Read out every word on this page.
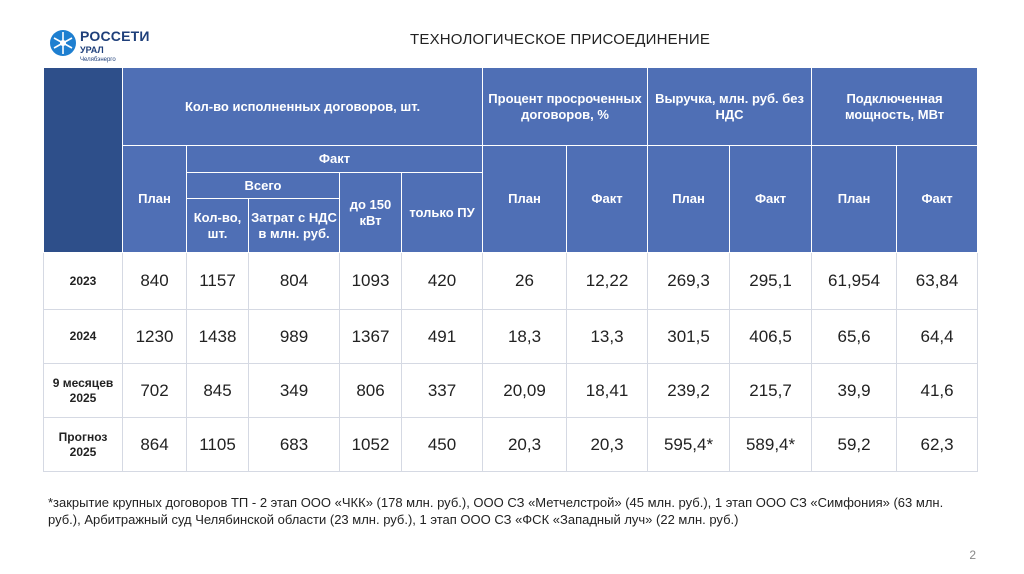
РОССЕТИ
УРАЛ
Челябэнерго
ТЕХНОЛОГИЧЕСКОЕ ПРИСОЕДИНЕНИЕ
	Кол-во исполненных договоров, шт.					Процент просроченных договоров, %		Выручка, млн. руб. без НДС		Подключенная мощность, МВт	
	План	Факт				План	Факт	План	Факт	План	Факт
		Всего		до 150 кВт	только ПУ						
		Кол-во, шт.	Затрат с НДС в млн. руб.								
2023	840	1157	804	1093	420	26	12,22	269,3	295,1	61,954	63,84
2024	1230	1438	989	1367	491	18,3	13,3	301,5	406,5	65,6	64,4
9 месяцев 2025	702	845	349	806	337	20,09	18,41	239,2	215,7	39,9	41,6
Прогноз 2025	864	1105	683	1052	450	20,3	20,3	595,4*	589,4*	59,2	62,3
*закрытие крупных договоров ТП - 2 этап ООО «ЧКК» (178 млн. руб.), ООО СЗ «Метчелстрой» (45 млн. руб.), 1 этап ООО СЗ «Симфония» (63 млн. руб.), Арбитражный суд Челябинской области (23 млн. руб.), 1 этап ООО СЗ «ФСК «Западный луч» (22 млн. руб.)
2
